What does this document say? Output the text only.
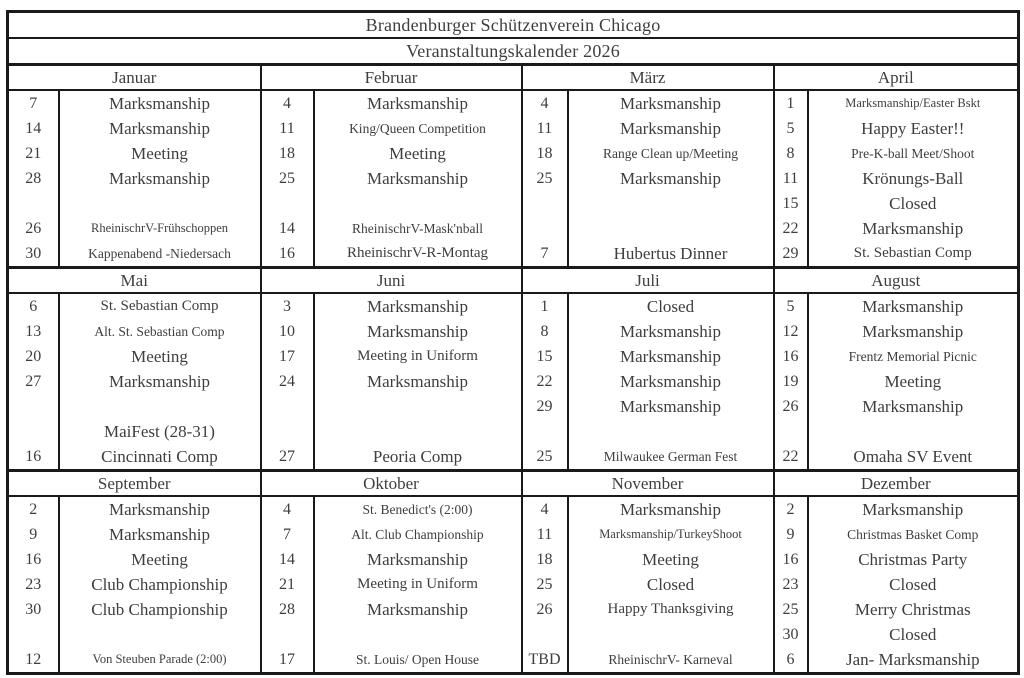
Brandenburger Schützenverein Chicago							
Veranstaltungskalender 2026							
Januar		Februar		März		April	
7	Marksmanship	4	Marksmanship	4	Marksmanship	1	Marksmanship/Easter Bskt
14	Marksmanship	11	King/Queen Competition	11	Marksmanship	5	Happy Easter!!
21	Meeting	18	Meeting	18	Range Clean up/Meeting	8	Pre-K-ball Meet/Shoot
28	Marksmanship	25	Marksmanship	25	Marksmanship	11	Krönungs-Ball
						15	Closed
26	RheinischrV-Frühschoppen	14	RheinischrV-Mask'nball			22	Marksmanship
30	Kappenabend -Niedersach	16	RheinischrV-R-Montag	7	Hubertus Dinner	29	St. Sebastian Comp
Mai		Juni		Juli		August	
6	St. Sebastian Comp	3	Marksmanship	1	Closed	5	Marksmanship
13	Alt. St. Sebastian Comp	10	Marksmanship	8	Marksmanship	12	Marksmanship
20	Meeting	17	Meeting in Uniform	15	Marksmanship	16	Frentz Memorial Picnic
27	Marksmanship	24	Marksmanship	22	Marksmanship	19	Meeting
				29	Marksmanship	26	Marksmanship
	MaiFest (28-31)						
16	Cincinnati Comp	27	Peoria Comp	25	Milwaukee German Fest	22	Omaha SV Event
September		Oktober		November		Dezember	
2	Marksmanship	4	St. Benedict's (2:00)	4	Marksmanship	2	Marksmanship
9	Marksmanship	7	Alt. Club Championship	11	Marksmanship/TurkeyShoot	9	Christmas Basket Comp
16	Meeting	14	Marksmanship	18	Meeting	16	Christmas Party
23	Club Championship	21	Meeting in Uniform	25	Closed	23	Closed
30	Club Championship	28	Marksmanship	26	Happy Thanksgiving	25	Merry Christmas
						30	Closed
12	Von Steuben Parade (2:00)	17	St. Louis/ Open House	TBD	RheinischrV- Karneval	6	Jan- Marksmanship
